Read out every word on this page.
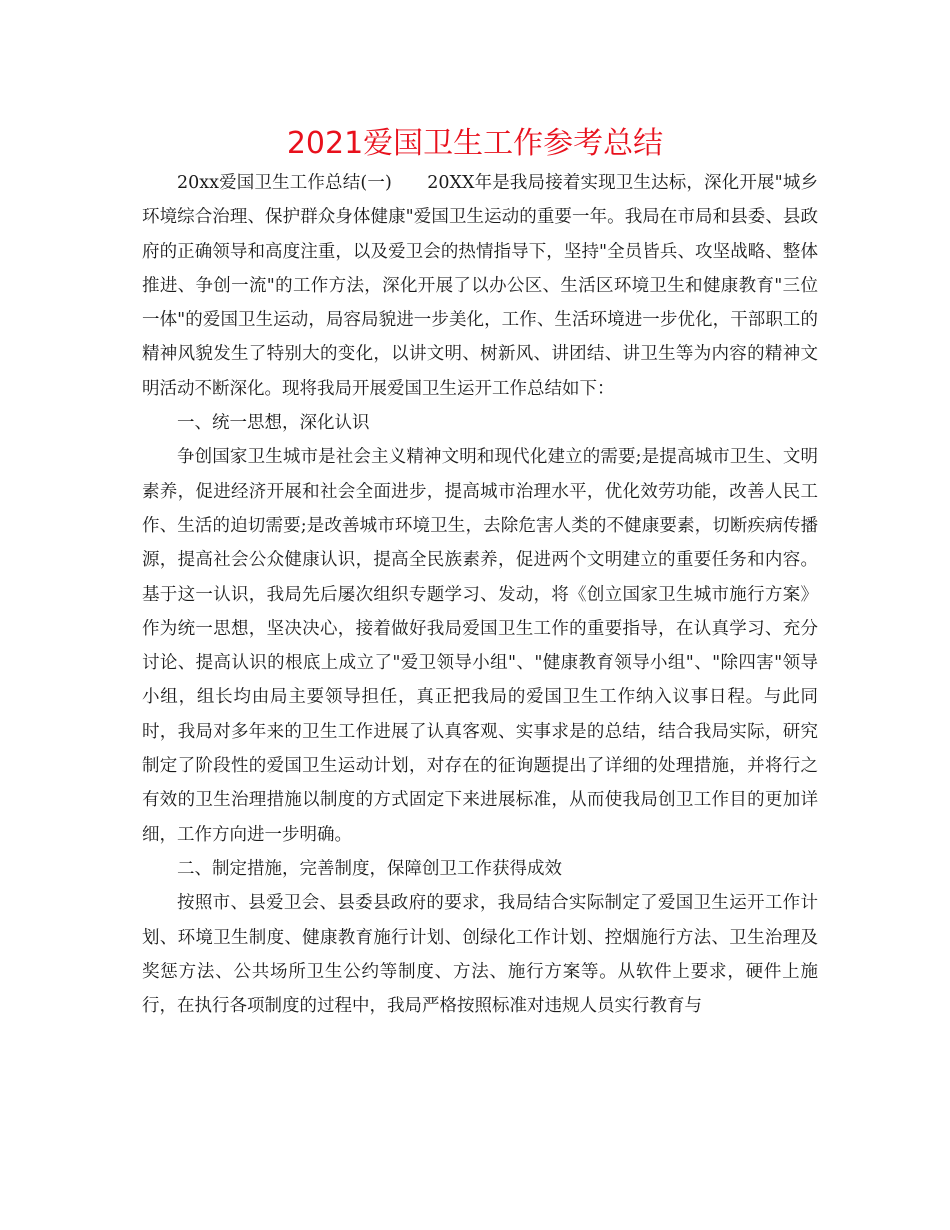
2021爱国卫生工作参考总结

20xx爱国卫生工作总结(一)　　20XX年是我局接着实现卫生达标，深化开展"城乡环境综合治理、保护群众身体健康"爱国卫生运动的重要一年。我局在市局和县委、县政府的正确领导和高度注重，以及爱卫会的热情指导下，坚持"全员皆兵、攻坚战略、整体推进、争创一流"的工作方法，深化开展了以办公区、生活区环境卫生和健康教育"三位一体"的爱国卫生运动，局容局貌进一步美化，工作、生活环境进一步优化，干部职工的精神风貌发生了特别大的变化，以讲文明、树新风、讲团结、讲卫生等为内容的精神文明活动不断深化。现将我局开展爱国卫生运开工作总结如下：

一、统一思想，深化认识

争创国家卫生城市是社会主义精神文明和现代化建立的需要;是提高城市卫生、文明素养，促进经济开展和社会全面进步，提高城市治理水平，优化效劳功能，改善人民工作、生活的迫切需要;是改善城市环境卫生，去除危害人类的不健康要素，切断疾病传播源，提高社会公众健康认识，提高全民族素养，促进两个文明建立的重要任务和内容。基于这一认识，我局先后屡次组织专题学习、发动，将《创立国家卫生城市施行方案》作为统一思想，坚决决心，接着做好我局爱国卫生工作的重要指导，在认真学习、充分讨论、提高认识的根底上成立了"爱卫领导小组"、"健康教育领导小组"、"除四害"领导小组，组长均由局主要领导担任，真正把我局的爱国卫生工作纳入议事日程。与此同时，我局对多年来的卫生工作进展了认真客观、实事求是的总结，结合我局实际，研究制定了阶段性的爱国卫生运动计划，对存在的征询题提出了详细的处理措施，并将行之有效的卫生治理措施以制度的方式固定下来进展标准，从而使我局创卫工作目的更加详细，工作方向进一步明确。

二、制定措施，完善制度，保障创卫工作获得成效

按照市、县爱卫会、县委县政府的要求，我局结合实际制定了爱国卫生运开工作计划、环境卫生制度、健康教育施行计划、创绿化工作计划、控烟施行方法、卫生治理及奖惩方法、公共场所卫生公约等制度、方法、施行方案等。从软件上要求，硬件上施行，在执行各项制度的过程中，我局严格按照标准对违规人员实行教育与
